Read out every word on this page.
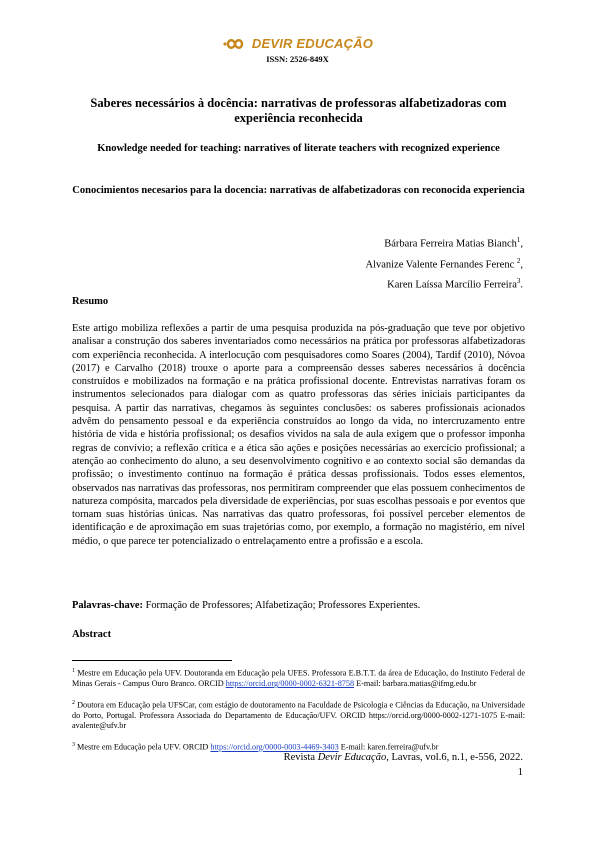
DEVIR EDUCAÇÃO
ISSN: 2526-849X
Saberes necessários à docência: narrativas de professoras alfabetizadoras com experiência reconhecida
Knowledge needed for teaching: narratives of literate teachers with recognized experience
Conocimientos necesarios para la docencia: narrativas de alfabetizadoras con reconocida experiencia
Bárbara Ferreira Matias Bianch$^1$,
Alvanize Valente Fernandes Ferenc $^2$,
Karen Laíssa Marcílio Ferreira$^3$.
Resumo
Este artigo mobiliza reflexões a partir de uma pesquisa produzida na pós-graduação que teve por objetivo analisar a construção dos saberes inventariados como necessários na prática por professoras alfabetizadoras com experiência reconhecida. A interlocução com pesquisadores como Soares (2004), Tardif (2010), Nóvoa (2017) e Carvalho (2018) trouxe o aporte para a compreensão desses saberes necessários à docência construídos e mobilizados na formação e na prática profissional docente. Entrevistas narrativas foram os instrumentos selecionados para dialogar com as quatro professoras das séries iniciais participantes da pesquisa. A partir das narrativas, chegamos às seguintes conclusões: os saberes profissionais acionados advêm do pensamento pessoal e da experiência construídos ao longo da vida, no intercruzamento entre história de vida e história profissional; os desafios vividos na sala de aula exigem que o professor imponha regras de convívio; a reflexão crítica e a ética são ações e posições necessárias ao exercício profissional; a atenção ao conhecimento do aluno, a seu desenvolvimento cognitivo e ao contexto social são demandas da profissão; o investimento contínuo na formação é prática dessas profissionais. Todos esses elementos, observados nas narrativas das professoras, nos permitiram compreender que elas possuem conhecimentos de natureza compósita, marcados pela diversidade de experiências, por suas escolhas pessoais e por eventos que tornam suas histórias únicas. Nas narrativas das quatro professoras, foi possível perceber elementos de identificação e de aproximação em suas trajetórias como, por exemplo, a formação no magistério, em nível médio, o que parece ter potencializado o entrelaçamento entre a profissão e a escola.
Palavras-chave: Formação de Professores; Alfabetização; Professores Experientes.
Abstract
$^1$ Mestre em Educação pela UFV. Doutoranda em Educação pela UFES. Professora E.B.T.T. da área de Educação, do Instituto Federal de Minas Gerais - Campus Ouro Branco. ORCID https://orcid.org/0000-0002-6321-8758 E-mail: barbara.matias@ifmg.edu.br
$^2$ Doutora em Educação pela UFSCar, com estágio de doutoramento na Faculdade de Psicologia e Ciências da Educação, na Universidade do Porto, Portugal. Professora Associada do Departamento de Educação/UFV. ORCID https://orcid.org/0000-0002-1271-1075 E-mail: avalente@ufv.br
$^3$ Mestre em Educação pela UFV. ORCID https://orcid.org/0000-0003-4469-3403 E-mail: karen.ferreira@ufv.br
Revista Devir Educação, Lavras, vol.6, n.1, e-556, 2022.
1
